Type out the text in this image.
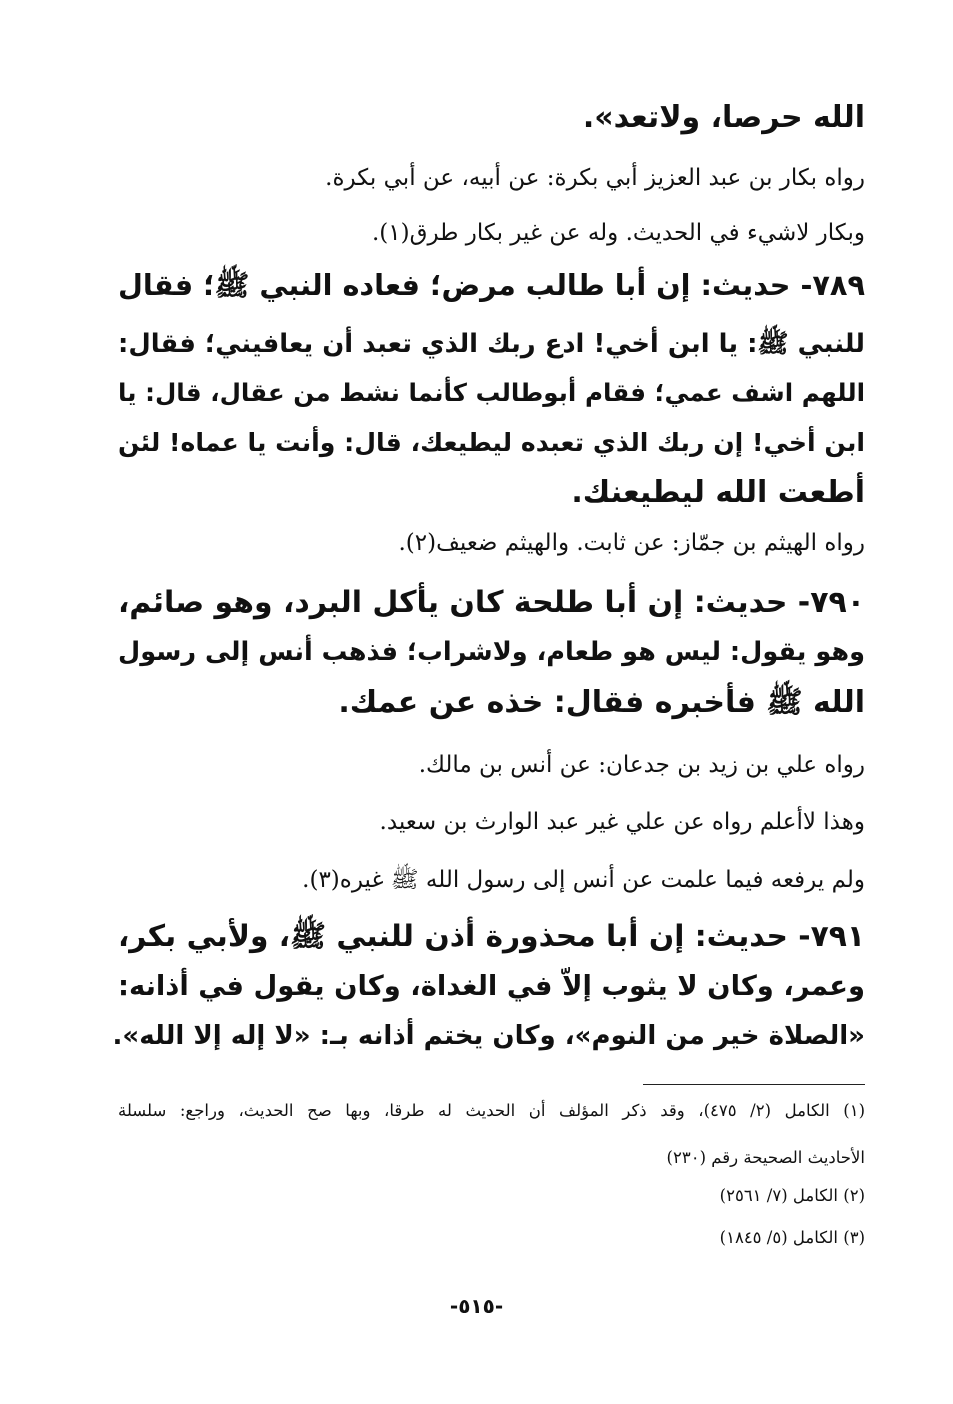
الله حرصا، ولاتعد».

رواه بكار بن عبد العزيز أبي بكرة: عن أبيه، عن أبي بكرة.

وبكار لاشيء في الحديث. وله عن غير بكار طرق(١).

٧٨٩- حديث: إن أبا طالب مرض؛ فعاده النبي ﷺ؛ فقال

للنبي ﷺ: يا ابن أخي! ادع ربك الذي تعبد أن يعافيني؛ فقال:

اللهم اشف عمي؛ فقام أبوطالب كأنما نشط من عقال، قال: يا

ابن أخي! إن ربك الذي تعبده ليطيعك، قال: وأنت يا عماه! لئن

أطعت الله ليطيعنك.

رواه الهيثم بن جمّاز: عن ثابت. والهيثم ضعيف(٢).

٧٩٠- حديث: إن أبا طلحة كان يأكل البرد، وهو صائم،

وهو يقول: ليس هو طعام، ولاشراب؛ فذهب أنس إلى رسول

الله ﷺ فأخبره فقال: خذه عن عمك.

رواه علي بن زيد بن جدعان: عن أنس بن مالك.

وهذا لاأعلم رواه عن علي غير عبد الوارث بن سعيد.

ولم يرفعه فيما علمت عن أنس إلى رسول الله ﷺ غيره(٣).

٧٩١- حديث: إن أبا محذورة أذن للنبي ﷺ، ولأبي بكر،

وعمر، وكان لا يثوب إلاّ في الغداة، وكان يقول في أذانه:

«الصلاة خير من النوم»، وكان يختم أذانه بـ: «لا إله إلا الله».

(١) الكامل (٢/ ٤٧٥)، وقد ذكر المؤلف أن الحديث له طرقا، وبها صح الحديث، وراجع: سلسلة

الأحاديث الصحيحة رقم (٢٣٠)

(٢) الكامل (٧/ ٢٥٦١)

(٣) الكامل (٥/ ١٨٤٥)

-٥١٥-
